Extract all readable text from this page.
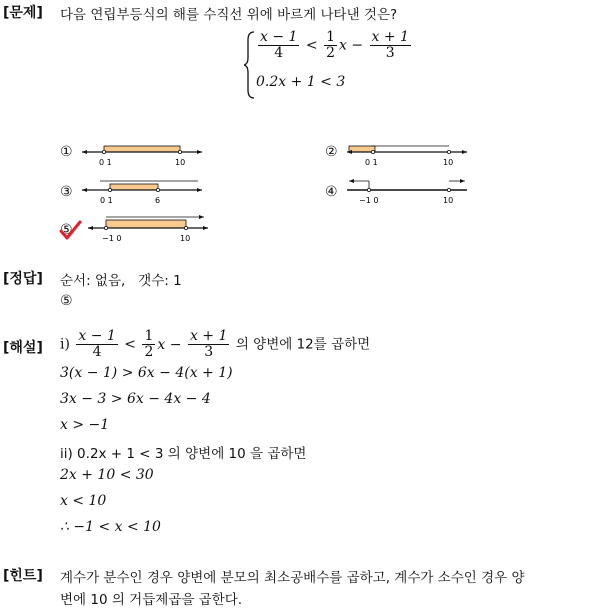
[문제] 다음 연립부등식의 해를 수직선 위에 바르게 나타낸 것은?
$\frac{x - 1}{4} < \frac{1}{2}$ $x - \frac{x + 1}{3}$
0.2x + 1 < 3
①
0 1	10
②
0 1	10
③
0 1	6
④
−1 0	10
⑤
−1 0	10
[정답] 순서: 없음,   갯수: 1
⑤
[해설] $i) \frac{x - 1}{4} < \frac{1}{2}$ $x - \frac{x + 1}{3}$ 의 양변에 12를 곱하면
3(x − 1) > 6x − 4(x + 1)
3x − 3 > 6x − 4x − 4
x > −1
ii) 0.2x + 1 < 3 의 양변에 10 을 곱하면
2x + 10 < 30
x < 10
∴ −1 < x < 10
[힌트] 계수가 분수인 경우 양변에 분모의 최소공배수를 곱하고, 계수가 소수인 경우 양
변에 10 의 거듭제곱을 곱한다.
